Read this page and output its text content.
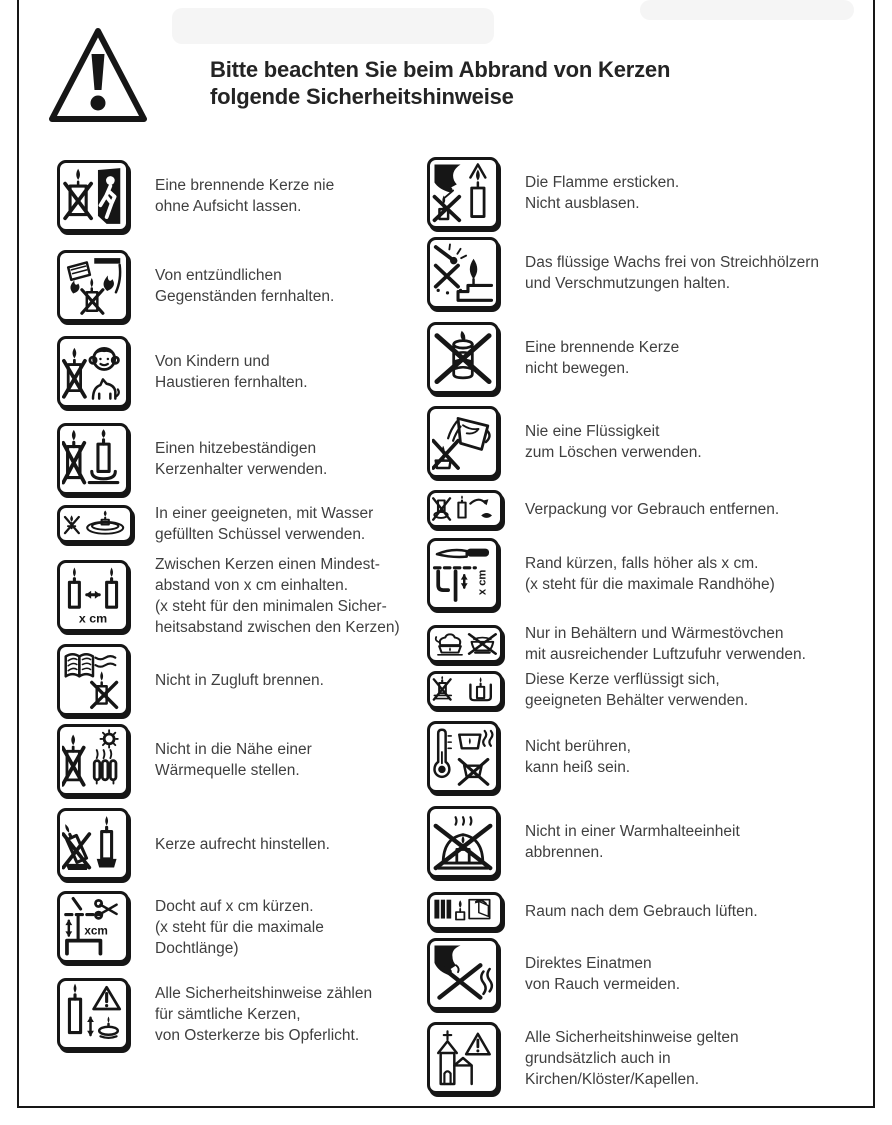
Bitte beachten Sie beim Abbrand von Kerzen
folgende Sicherheitshinweise
Eine brennende Kerze nie
ohne Aufsicht lassen.
Von entzündlichen
Gegenständen fernhalten.
Von Kindern und
Haustieren fernhalten.
Einen hitzebeständigen
Kerzenhalter verwenden.
In einer geeigneten, mit Wasser
gefüllten Schüssel verwenden.
x cm
Zwischen Kerzen einen Mindest-
abstand von x cm einhalten.
(x steht für den minimalen Sicher-
heitsabstand zwischen den Kerzen)
Nicht in Zugluft brennen.
Nicht in die Nähe einer
Wärmequelle stellen.
Kerze aufrecht hinstellen.
xcm
Docht auf x cm kürzen.
(x steht für die maximale
Dochtlänge)
Alle Sicherheitshinweise zählen
für sämtliche Kerzen,
von Osterkerze bis Opferlicht.
Die Flamme ersticken.
Nicht ausblasen.
Das flüssige Wachs frei von Streichhölzern
und Verschmutzungen halten.
Eine brennende Kerze
nicht bewegen.
Nie eine Flüssigkeit
zum Löschen verwenden.
Verpackung vor Gebrauch entfernen.
x cm
Rand kürzen, falls höher als x cm.
(x steht für die maximale Randhöhe)
Nur in Behältern und Wärmestövchen
mit ausreichender Luftzufuhr verwenden.
Diese Kerze verflüssigt sich,
geeigneten Behälter verwenden.
Nicht berühren,
kann heiß sein.
Nicht in einer Warmhalteeinheit
abbrennen.
Raum nach dem Gebrauch lüften.
Direktes Einatmen
von Rauch vermeiden.
Alle Sicherheitshinweise gelten
grundsätzlich auch in
Kirchen/Klöster/Kapellen.
